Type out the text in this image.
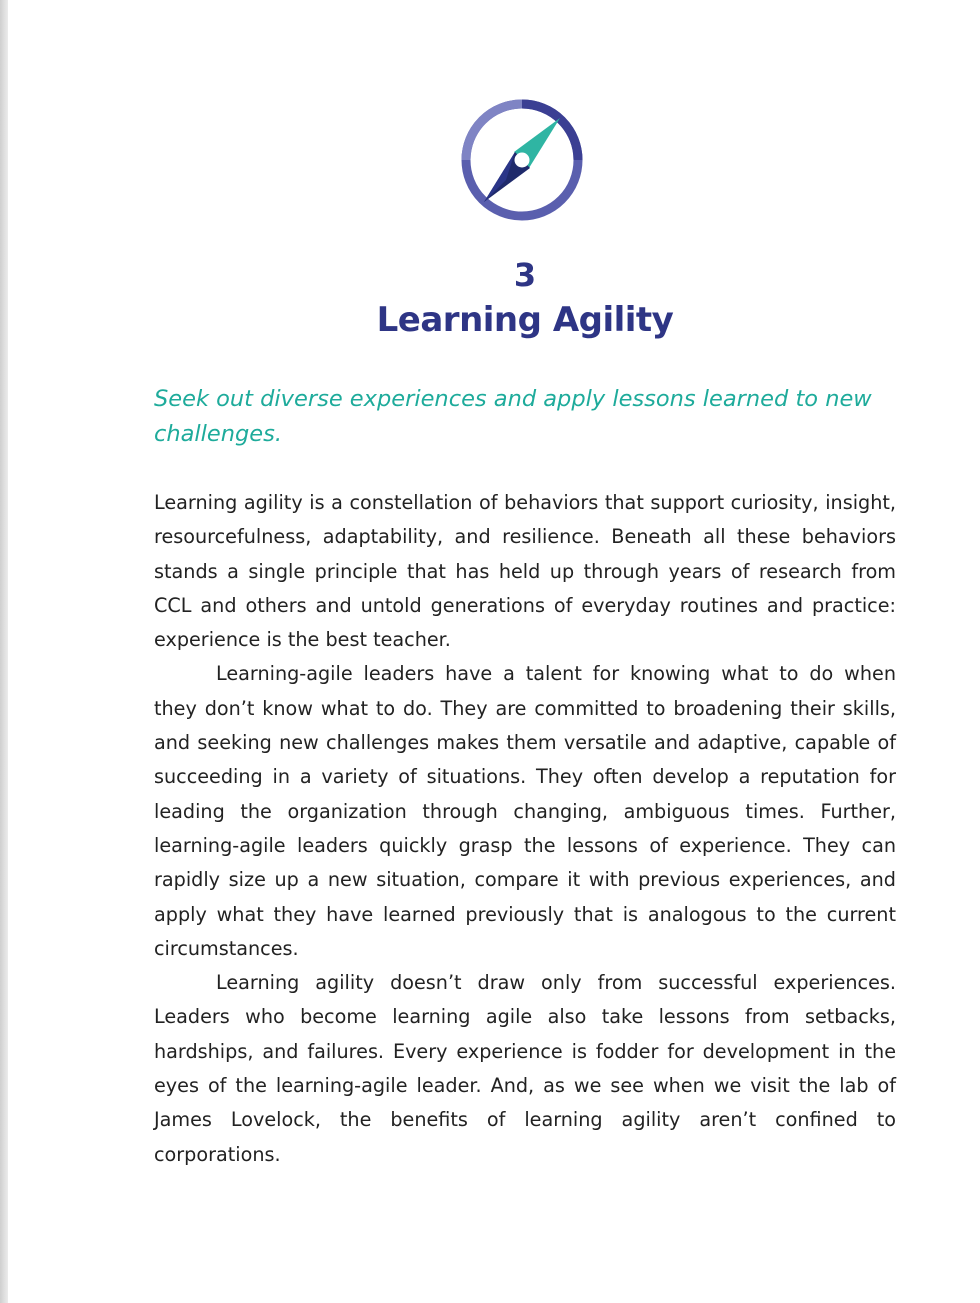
3
Learning Agility
Seek out diverse experiences and apply lessons learned to new challenges.

Learning agility is a constellation of behaviors that support curiosity, insight, resourcefulness, adaptability, and resilience. Beneath all these behaviors stands a single principle that has held up through years of research from CCL and others and untold generations of everyday routines and practice: experience is the best teacher.

Learning-agile leaders have a talent for knowing what to do when they don’t know what to do. They are committed to broadening their skills, and seeking new challenges makes them versatile and adaptive, capable of succeeding in a variety of situations. They often develop a reputation for leading the organization through changing, ambiguous times. Further, learning-agile leaders quickly grasp the lessons of experience. They can rapidly size up a new situation, compare it with previous experiences, and apply what they have learned previously that is analogous to the current circumstances.

Learning agility doesn’t draw only from successful experiences. Leaders who become learning agile also take lessons from setbacks, hardships, and failures. Every experience is fodder for development in the eyes of the learning-agile leader. And, as we see when we visit the lab of James Lovelock, the benefits of learning agility aren’t confined to corporations.
